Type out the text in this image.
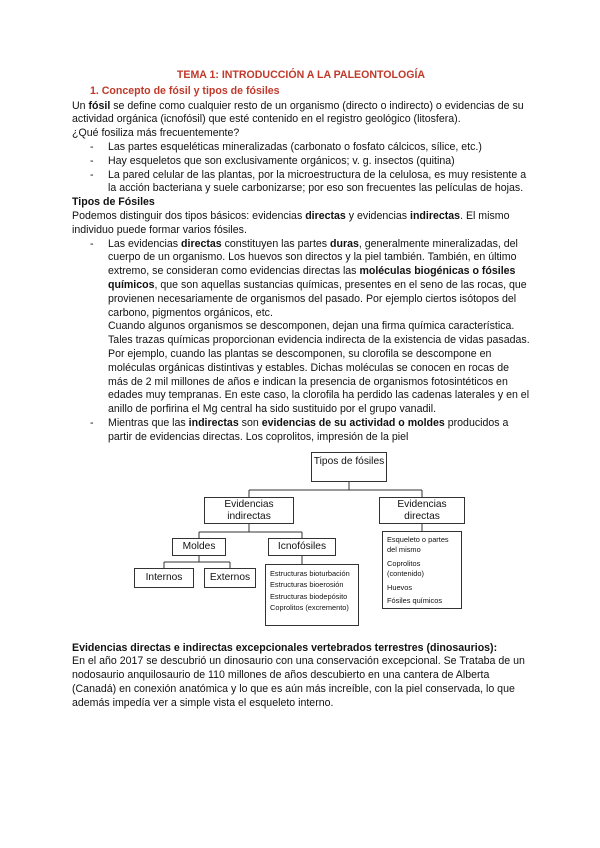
TEMA 1: INTRODUCCIÓN A LA PALEONTOLOGÍA
1. Concepto de fósil y tipos de fósiles

Un fósil se define como cualquier resto de un organismo (directo o indirecto) o evidencias de su actividad orgánica (icnofósil) que esté contenido en el registro geológico (litosfera).

¿Qué fosiliza más frecuentemente?

- Las partes esqueléticas mineralizadas (carbonato o fosfato cálcicos, sílice, etc.)
- Hay esqueletos que son exclusivamente orgánicos; v. g. insectos (quitina)
- La pared celular de las plantas, por la microestructura de la celulosa, es muy resistente a la acción bacteriana y suele carbonizarse; por eso son frecuentes las películas de hojas.
Tipos de Fósiles

Podemos distinguir dos tipos básicos: evidencias directas y evidencias indirectas. El mismo individuo puede formar varios fósiles.

- Las evidencias directas constituyen las partes duras, generalmente mineralizadas, del cuerpo de un organismo. Los huevos son directos y la piel también. También, en último extremo, se consideran como evidencias directas las moléculas biogénicas o fósiles químicos, que son aquellas sustancias químicas, presentes en el seno de las rocas, que provienen necesariamente de organismos del pasado. Por ejemplo ciertos isótopos del carbono, pigmentos orgánicos, etc.
Cuando algunos organismos se descomponen, dejan una firma química característica. Tales trazas químicas proporcionan evidencia indirecta de la existencia de vidas pasadas. Por ejemplo, cuando las plantas se descomponen, su clorofila se descompone en moléculas orgánicas distintivas y estables. Dichas moléculas se conocen en rocas de más de 2 mil millones de años e indican la presencia de organismos fotosintéticos en edades muy tempranas. En este caso, la clorofila ha perdido las cadenas laterales y en el anillo de porfirina el Mg central ha sido sustituido por el grupo vanadil.
- Mientras que las indirectas son evidencias de su actividad o moldes producidos a partir de evidencias directas. Los coprolitos, impresión de la piel
Tipos de fósiles
Evidencias indirectas
Evidencias directas
Moldes	Icnofósiles
Internos	Externos	Estructuras bioturbación
Estructuras bioerosión
Estructuras biodepósito
Coprolitos (excremento)
Esqueleto o partes del mismo
Coprolitos (contenido)
Huevos
Fósiles químicos
Evidencias directas e indirectas excepcionales vertebrados terrestres (dinosaurios):

En el año 2017 se descubrió un dinosaurio con una conservación excepcional. Se Trataba de un nodosaurio anquilosaurio de 110 millones de años descubierto en una cantera de Alberta (Canadá) en conexión anatómica y lo que es aún más increíble, con la piel conservada, lo que además impedía ver a simple vista el esqueleto interno.
